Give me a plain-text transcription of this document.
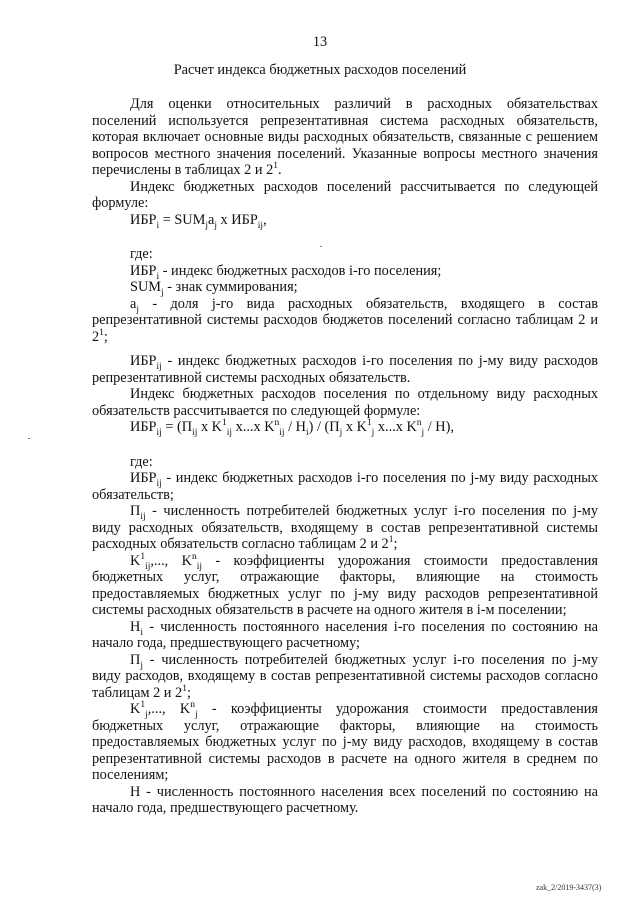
13
Расчет индекса бюджетных расходов поселений

Для оценки относительных различий в расходных обязательствах поселений используется репрезентативная система расходных обязательств, которая включает основные виды расходных обязательств, связанные с решением вопросов местного значения поселений. Указанные вопросы местного значения перечислены в таблицах 2 и $2^1$.

Индекс бюджетных расходов поселений рассчитывается по следующей формуле:

$ИБР_i = SUM_ja_j$ x $ИБР_{ij}$,

где:

$ИБР_i$ - индекс бюджетных расходов i-го поселения;

$SUM_j$ - знак суммирования;

$a_j$ - доля j-го вида расходных обязательств, входящего в состав репрезентативной системы расходов бюджетов поселений согласно таблицам 2 и $2^1$;

$ИБР_{ij}$ - индекс бюджетных расходов i-го поселения по j-му виду расходов репрезентативной системы расходных обязательств.

Индекс бюджетных расходов поселения по отдельному виду расходных обязательств рассчитывается по следующей формуле:

$ИБР_{ij} = (П_{ij}$ x $K^1_{ij}$ x...x $K^n_{ij} / H_i) / (П_j$ x $K^1_j$ x...x $K^n_j / H$),

где:

$ИБР_{ij}$ - индекс бюджетных расходов i-го поселения по j-му виду расходных обязательств;

$П_{ij}$ - численность потребителей бюджетных услуг i-го поселения по j-му виду расходных обязательств, входящему в состав репрезентативной системы расходных обязательств согласно таблицам 2 и $2^1$;

$K^1_{ij}$,..., $K^n_{ij}$ - коэффициенты удорожания стоимости предоставления бюджетных услуг, отражающие факторы, влияющие на стоимость предоставляемых бюджетных услуг по j-му виду расходов репрезентативной системы расходных обязательств в расчете на одного жителя в i-м поселении;

$H_i$ - численность постоянного населения i-го поселения по состоянию на начало года, предшествующего расчетному;

$П_j$ - численность потребителей бюджетных услуг i-го поселения по j-му виду расходов, входящему в состав репрезентативной системы расходов согласно таблицам 2 и $2^1$;

$K^1_j$,..., $K^n_j$ - коэффициенты удорожания стоимости предоставления бюджетных услуг, отражающие факторы, влияющие на стоимость предоставляемых бюджетных услуг по j-му виду расходов, входящему в состав репрезентативной системы расходов в расчете на одного жителя в среднем по поселениям;

H - численность постоянного населения всех поселений по состоянию на начало года, предшествующего расчетному.

zak_2/2019-3437(3)
